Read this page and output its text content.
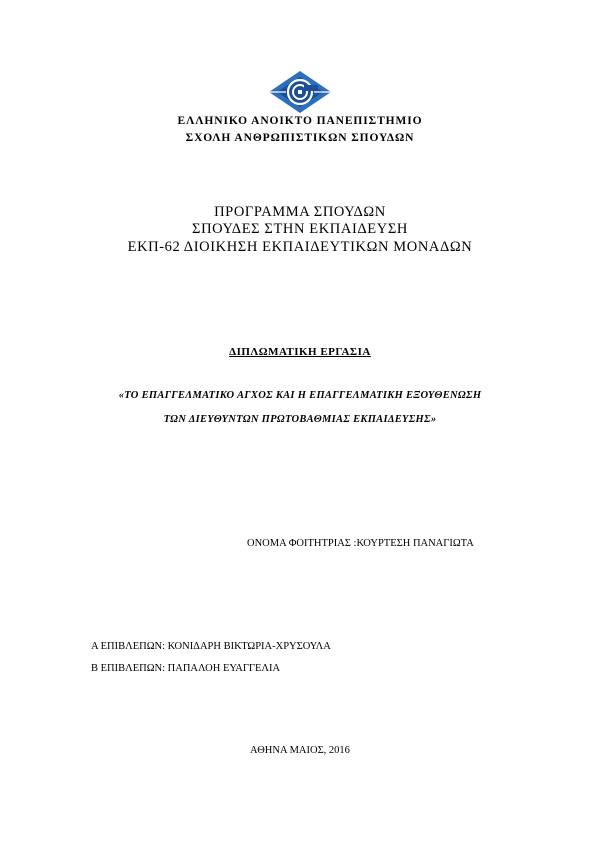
ΕΛΛΗΝΙΚΟ ΑΝΟΙΚΤΟ ΠΑΝΕΠΙΣΤΗΜΙΟ
ΣΧΟΛΗ ΑΝΘΡΩΠΙΣΤΙΚΩΝ ΣΠΟΥΔΩΝ
ΠΡΟΓΡΑΜΜΑ ΣΠΟΥΔΩΝ
ΣΠΟΥΔΕΣ ΣΤΗΝ ΕΚΠΑΙΔΕΥΣΗ
ΕΚΠ-62 ΔΙΟΙΚΗΣΗ ΕΚΠΑΙΔΕΥΤΙΚΩΝ ΜΟΝΑΔΩΝ
ΔΙΠΛΩΜΑΤΙΚΗ ΕΡΓΑΣΙΑ
«ΤΟ ΕΠΑΓΓΕΛΜΑΤΙΚΟ ΑΓΧΟΣ ΚΑΙ Η ΕΠΑΓΓΕΛΜΑΤΙΚΗ ΕΞΟΥΘΕΝΩΣΗ
ΤΩΝ ΔΙΕΥΘΥΝΤΩΝ ΠΡΩΤΟΒΑΘΜΙΑΣ ΕΚΠΑΙΔΕΥΣΗΣ»
ΟΝΟΜΑ ΦΟΙΤΗΤΡΙΑΣ :ΚΟΥΡΤΕΣΗ ΠΑΝΑΓΙΩΤΑ
Α ΕΠΙΒΛΕΠΩΝ: ΚΟΝΙΔΑΡΗ ΒΙΚΤΩΡΙΑ-ΧΡΥΣΟΥΛΑ
Β ΕΠΙΒΛΕΠΩΝ: ΠΑΠΑΛΟΗ ΕΥΑΓΓΕΛΙΑ
ΑΘΗΝΑ ΜΑΙΟΣ, 2016
